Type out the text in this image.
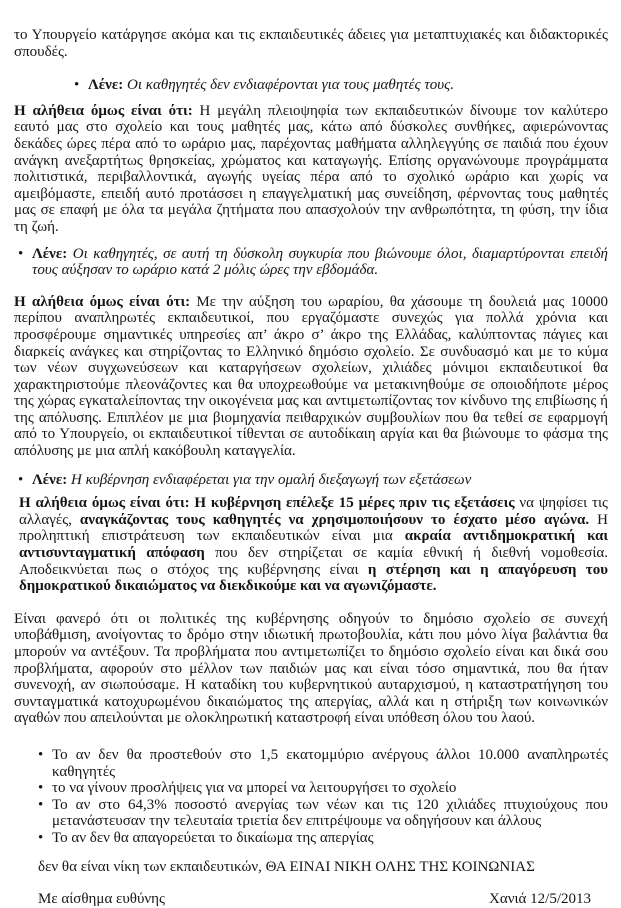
το Υπουργείο κατάργησε ακόμα και τις εκπαιδευτικές άδειες για μεταπτυχιακές και διδακτορικές σπουδές.

• Λένε: Οι καθηγητές δεν ενδιαφέρονται για τους μαθητές τους.

Η αλήθεια όμως είναι ότι: Η μεγάλη πλειοψηφία των εκπαιδευτικών δίνουμε τον καλύτερο εαυτό μας στο σχολείο και τους μαθητές μας, κάτω από δύσκολες συνθήκες, αφιερώνοντας δεκάδες ώρες πέρα από το ωράριο μας, παρέχοντας μαθήματα αλληλεγγύης σε παιδιά που έχουν ανάγκη ανεξαρτήτως θρησκείας, χρώματος και καταγωγής. Επίσης οργανώνουμε προγράμματα πολιτιστικά, περιβαλλοντικά, αγωγής υγείας πέρα από το σχολικό ωράριο και χωρίς να αμειβόμαστε, επειδή αυτό προτάσσει η επαγγελματική μας συνείδηση, φέρνοντας τους μαθητές μας σε επαφή με όλα τα μεγάλα ζητήματα που απασχολούν την ανθρωπότητα, τη φύση, την ίδια τη ζωή.

• Λένε: Οι καθηγητές, σε αυτή τη δύσκολη συγκυρία που βιώνουμε όλοι, διαμαρτύρονται επειδή τους αύξησαν το ωράριο κατά 2 μόλις ώρες την εβδομάδα.

Η αλήθεια όμως είναι ότι: Με την αύξηση του ωραρίου, θα χάσουμε τη δουλειά μας 10000 περίπου αναπληρωτές εκπαιδευτικοί, που εργαζόμαστε συνεχώς για πολλά χρόνια και προσφέρουμε σημαντικές υπηρεσίες απ’ άκρο σ’ άκρο της Ελλάδας, καλύπτοντας πάγιες και διαρκείς ανάγκες και στηρίζοντας το Ελληνικό δημόσιο σχολείο. Σε συνδυασμό και με το κύμα των νέων συγχωνεύσεων και καταργήσεων σχολείων, χιλιάδες μόνιμοι εκπαιδευτικοί θα χαρακτηριστούμε πλεονάζοντες και θα υποχρεωθούμε να μετακινηθούμε σε οποιοδήποτε μέρος της χώρας εγκαταλείποντας την οικογένεια μας και αντιμετωπίζοντας τον κίνδυνο της επιβίωσης ή της απόλυσης. Επιπλέον με μια βιομηχανία πειθαρχικών συμβουλίων που θα τεθεί σε εφαρμογή από το Υπουργείο, οι εκπαιδευτικοί τίθενται σε αυτοδίκαιη αργία και θα βιώνουμε το φάσμα της απόλυσης με μια απλή κακόβουλη καταγγελία.

• Λένε: Η κυβέρνηση ενδιαφέρεται για την ομαλή διεξαγωγή των εξετάσεων

Η αλήθεια όμως είναι ότι: Η κυβέρνηση επέλεξε 15 μέρες πριν τις εξετάσεις να ψηφίσει τις αλλαγές, αναγκάζοντας τους καθηγητές να χρησιμοποιήσουν το έσχατο μέσο αγώνα. Η προληπτική επιστράτευση των εκπαιδευτικών είναι μια ακραία αντιδημοκρατική και αντισυνταγματική απόφαση που δεν στηρίζεται σε καμία εθνική ή διεθνή νομοθεσία. Αποδεικνύεται πως ο στόχος της κυβέρνησης είναι η στέρηση και η απαγόρευση του δημοκρατικού δικαιώματος να διεκδικούμε και να αγωνιζόμαστε.

Είναι φανερό ότι οι πολιτικές της κυβέρνησης οδηγούν το δημόσιο σχολείο σε συνεχή υποβάθμιση, ανοίγοντας το δρόμο στην ιδιωτική πρωτοβουλία, κάτι που μόνο λίγα βαλάντια θα μπορούν να αντέξουν. Τα προβλήματα που αντιμετωπίζει το δημόσιο σχολείο είναι και δικά σου προβλήματα, αφορούν στο μέλλον των παιδιών μας και είναι τόσο σημαντικά, που θα ήταν συνενοχή, αν σιωπούσαμε. Η καταδίκη του κυβερνητικού αυταρχισμού, η καταστρατήγηση του συνταγματικά κατοχυρωμένου δικαιώματος της απεργίας, αλλά και η στήριξη των κοινωνικών αγαθών που απειλούνται με ολοκληρωτική καταστροφή είναι υπόθεση όλου του λαού.

• Το αν δεν θα προστεθούν στο 1,5 εκατομμύριο ανέργους άλλοι 10.000 αναπληρωτές καθηγητές
• το να γίνουν προσλήψεις για να μπορεί να λειτουργήσει το σχολείο
• Το αν στο 64,3% ποσοστό ανεργίας των νέων και τις 120 χιλιάδες πτυχιούχους που μετανάστευσαν την τελευταία τριετία δεν επιτρέψουμε να οδηγήσουν και άλλους
• Το αν δεν θα απαγορεύεται το δικαίωμα της απεργίας

δεν θα είναι νίκη των εκπαιδευτικών, ΘΑ ΕΙΝΑΙ ΝΙΚΗ ΟΛΗΣ ΤΗΣ ΚΟΙΝΩΝΙΑΣ

Με αίσθημα ευθύνης	Χανιά 12/5/2013
